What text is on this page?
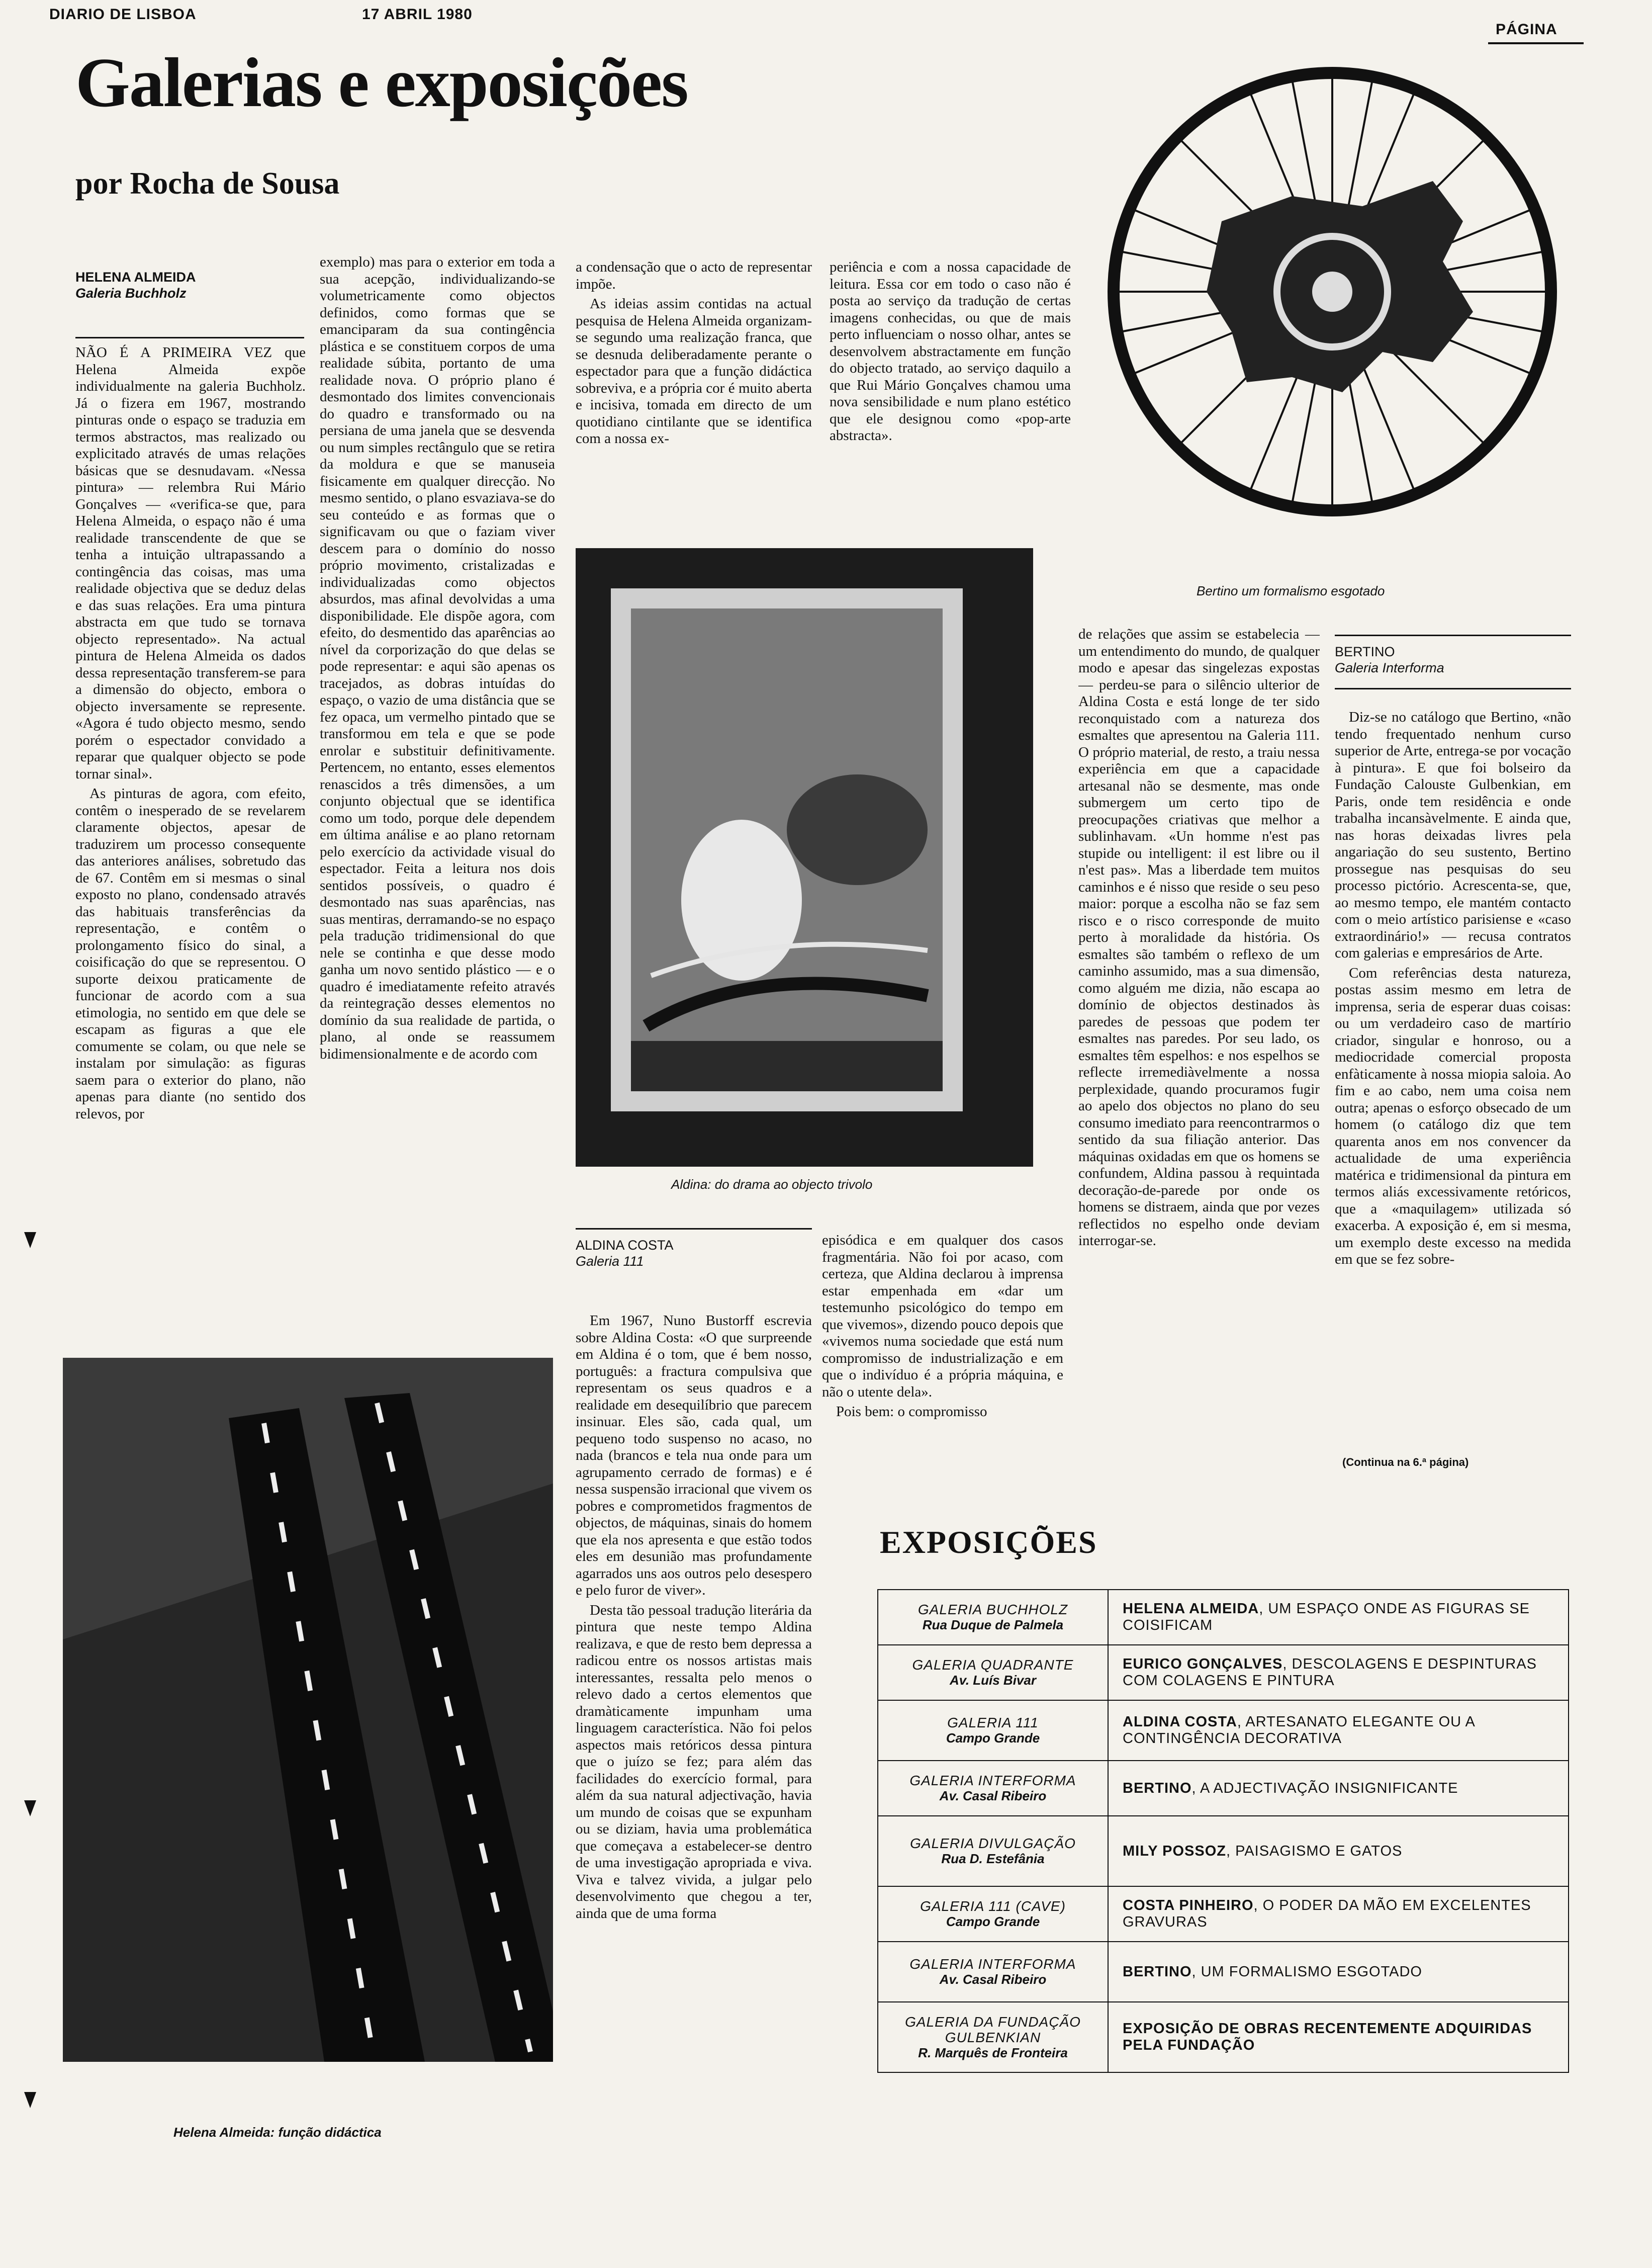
DIARIO DE LISBOA	17 ABRIL 1980
PÁGINA
Galerias e exposições
por Rocha de Sousa
Bertino um formalismo esgotado
HELENA ALMEIDA
Galeria Buchholz

NÃO É A PRIMEIRA VEZ que Helena Almeida expõe individualmente na galeria Buchholz. Já o fizera em 1967, mostrando pinturas onde o espaço se traduzia em termos abstractos, mas realizado ou explicitado através de umas relações básicas que se desnudavam. «Nessa pintura» — relembra Rui Mário Gonçalves — «verifica-se que, para Helena Almeida, o espaço não é uma realidade transcendente de que se tenha a intuição ultrapassando a contingência das coisas, mas uma realidade objectiva que se deduz delas e das suas relações. Era uma pintura abstracta em que tudo se tornava objecto representado». Na actual pintura de Helena Almeida os dados dessa representação transferem-se para a dimensão do objecto, embora o objecto inversamente se represente. «Agora é tudo objecto mesmo, sendo porém o espectador convidado a reparar que qualquer objecto se pode tornar sinal».

As pinturas de agora, com efeito, contêm o inesperado de se revelarem claramente objectos, apesar de traduzirem um processo consequente das anteriores análises, sobretudo das de 67. Contêm em si mesmas o sinal exposto no plano, condensado através das habituais transferências da representação, e contêm o prolongamento físico do sinal, a coisificação do que se representou. O suporte deixou praticamente de funcionar de acordo com a sua etimologia, no sentido em que dele se escapam as figuras a que ele comumente se colam, ou que nele se instalam por simulação: as figuras saem para o exterior do plano, não apenas para diante (no sentido dos relevos, por

exemplo) mas para o exterior em toda a sua acepção, individualizando-se volumetricamente como objectos definidos, como formas que se emanciparam da sua contingência plástica e se constituem corpos de uma realidade súbita, portanto de uma realidade nova. O próprio plano é desmontado dos limites convencionais do quadro e transformado ou na persiana de uma janela que se desvenda ou num simples rectângulo que se retira da moldura e que se manuseia fisicamente em qualquer direcção. No mesmo sentido, o plano esvaziava-se do seu conteúdo e as formas que o significavam ou que o faziam viver descem para o domínio do nosso próprio movimento, cristalizadas e individualizadas como objectos absurdos, mas afinal devolvidas a uma disponibilidade. Ele dispõe agora, com efeito, do desmentido das aparências ao nível da corporização do que delas se pode representar: e aqui são apenas os tracejados, as dobras intuídas do espaço, o vazio de uma distância que se fez opaca, um vermelho pintado que se transformou em tela e que se pode enrolar e substituir definitivamente. Pertencem, no entanto, esses elementos renascidos a três dimensões, a um conjunto objectual que se identifica como um todo, porque dele dependem em última análise e ao plano retornam pelo exercício da actividade visual do espectador. Feita a leitura nos dois sentidos possíveis, o quadro é desmontado nas suas aparências, nas suas mentiras, derramando-se no espaço pela tradução tridimensional do que nele se continha e que desse modo ganha um novo sentido plástico — e o quadro é imediatamente refeito através da reintegração desses elementos no domínio da sua realidade de partida, o plano, al onde se reassumem bidimensionalmente e de acordo com

a condensação que o acto de representar impõe.

As ideias assim contidas na actual pesquisa de Helena Almeida organizam-se segundo uma realização franca, que se desnuda deliberadamente perante o espectador para que a função didáctica sobreviva, e a própria cor é muito aberta e incisiva, tomada em directo de um quotidiano cintilante que se identifica com a nossa ex-

periência e com a nossa capacidade de leitura. Essa cor em todo o caso não é posta ao serviço da tradução de certas imagens conhecidas, ou que de mais perto influenciam o nosso olhar, antes se desenvolvem abstractamente em função do objecto tratado, ao serviço daquilo a que Rui Mário Gonçalves chamou uma nova sensibilidade e num plano estético que ele designou como «pop-arte abstracta».

Aldina: do drama ao objecto trivolo
ALDINA COSTA
Galeria 111

Em 1967, Nuno Bustorff escrevia sobre Aldina Costa: «O que surpreende em Aldina é o tom, que é bem nosso, português: a fractura compulsiva que representam os seus quadros e a realidade em desequilíbrio que parecem insinuar. Eles são, cada qual, um pequeno todo suspenso no acaso, no nada (brancos e tela nua onde para um agrupamento cerrado de formas) e é nessa suspensão irracional que vivem os pobres e comprometidos fragmentos de objectos, de máquinas, sinais do homem que ela nos apresenta e que estão todos eles em desunião mas profundamente agarrados uns aos outros pelo desespero e pelo furor de viver».

Desta tão pessoal tradução literária da pintura que neste tempo Aldina realizava, e que de resto bem depressa a radicou entre os nossos artistas mais interessantes, ressalta pelo menos o relevo dado a certos elementos que dramàticamente impunham uma linguagem característica. Não foi pelos aspectos mais retóricos dessa pintura que o juízo se fez; para além das facilidades do exercício formal, para além da sua natural adjectivação, havia um mundo de coisas que se expunham ou se diziam, havia uma problemática que começava a estabelecer-se dentro de uma investigação apropriada e viva. Viva e talvez vivida, a julgar pelo desenvolvimento que chegou a ter, ainda que de uma forma

episódica e em qualquer dos casos fragmentária. Não foi por acaso, com certeza, que Aldina declarou à imprensa estar empenhada em «dar um testemunho psicológico do tempo em que vivemos», dizendo pouco depois que «vivemos numa sociedade que está num compromisso de industrialização e em que o indivíduo é a própria máquina, e não o utente dela».

Pois bem: o compromisso

de relações que assim se estabelecia — um entendimento do mundo, de qualquer modo e apesar das singelezas expostas — perdeu-se para o silêncio ulterior de Aldina Costa e está longe de ter sido reconquistado com a natureza dos esmaltes que apresentou na Galeria 111. O próprio material, de resto, a traiu nessa experiência em que a capacidade artesanal não se desmente, mas onde submergem um certo tipo de preocupações criativas que melhor a sublinhavam. «Un homme n'est pas stupide ou intelligent: il est libre ou il n'est pas». Mas a liberdade tem muitos caminhos e é nisso que reside o seu peso maior: porque a escolha não se faz sem risco e o risco corresponde de muito perto à moralidade da história. Os esmaltes são também o reflexo de um caminho assumido, mas a sua dimensão, como alguém me dizia, não escapa ao domínio de objectos destinados às paredes de pessoas que podem ter esmaltes nas paredes. Por seu lado, os esmaltes têm espelhos: e nos espelhos se reflecte irremediàvelmente a nossa perplexidade, quando procuramos fugir ao apelo dos objectos no plano do seu consumo imediato para reencontrarmos o sentido da sua filiação anterior. Das máquinas oxidadas em que os homens se confundem, Aldina passou à requintada decoração-de-parede por onde os homens se distraem, ainda que por vezes reflectidos no espelho onde deviam interrogar-se.

BERTINO
Galeria Interforma

Diz-se no catálogo que Bertino, «não tendo frequentado nenhum curso superior de Arte, entrega-se por vocação à pintura». E que foi bolseiro da Fundação Calouste Gulbenkian, em Paris, onde tem residência e onde trabalha incansàvelmente. E ainda que, nas horas deixadas livres pela angariação do seu sustento, Bertino prossegue nas pesquisas do seu processo pictório. Acrescenta-se, que, ao mesmo tempo, ele mantém contacto com o meio artístico parisiense e «caso extraordinário!» — recusa contratos com galerias e empresários de Arte.

Com referências desta natureza, postas assim mesmo em letra de imprensa, seria de esperar duas coisas: ou um verdadeiro caso de martírio criador, singular e honroso, ou a mediocridade comercial proposta enfàticamente à nossa miopia saloia. Ao fim e ao cabo, nem uma coisa nem outra; apenas o esforço obsecado de um homem (o catálogo diz que tem quarenta anos em nos convencer da actualidade de uma experiência matérica e tridimensional da pintura em termos aliás excessivamente retóricos, que a «maquilagem» utilizada só exacerba. A exposição é, em si mesma, um exemplo deste excesso na medida em que se fez sobre-

(Continua na 6.ª página)
Helena Almeida: função didáctica
EXPOSIÇÕES
GALERIA BUCHHOLZ
Rua Duque de Palmela	HELENA ALMEIDA, UM ESPAÇO ONDE AS FIGURAS SE COISIFICAM

GALERIA QUADRANTE
Av. Luís Bivar	EURICO GONÇALVES, DESCOLAGENS E DESPINTURAS COM COLAGENS E PINTURA

GALERIA 111
Campo Grande	ALDINA COSTA, ARTESANATO ELEGANTE OU A CONTINGÊNCIA DECORATIVA

GALERIA INTERFORMA
Av. Casal Ribeiro	BERTINO, A ADJECTIVAÇÃO INSIGNIFICANTE

GALERIA DIVULGAÇÃO
Rua D. Estefânia	MILY POSSOZ, PAISAGISMO E GATOS

GALERIA 111 (CAVE)
Campo Grande	COSTA PINHEIRO, O PODER DA MÃO EM EXCELENTES GRAVURAS

GALERIA INTERFORMA
Av. Casal Ribeiro	BERTINO, UM FORMALISMO ESGOTADO

GALERIA DA FUNDAÇÃO GULBENKIAN
R. Marquês de Fronteira	EXPOSIÇÃO DE OBRAS RECENTEMENTE ADQUIRIDAS PELA FUNDAÇÃO
